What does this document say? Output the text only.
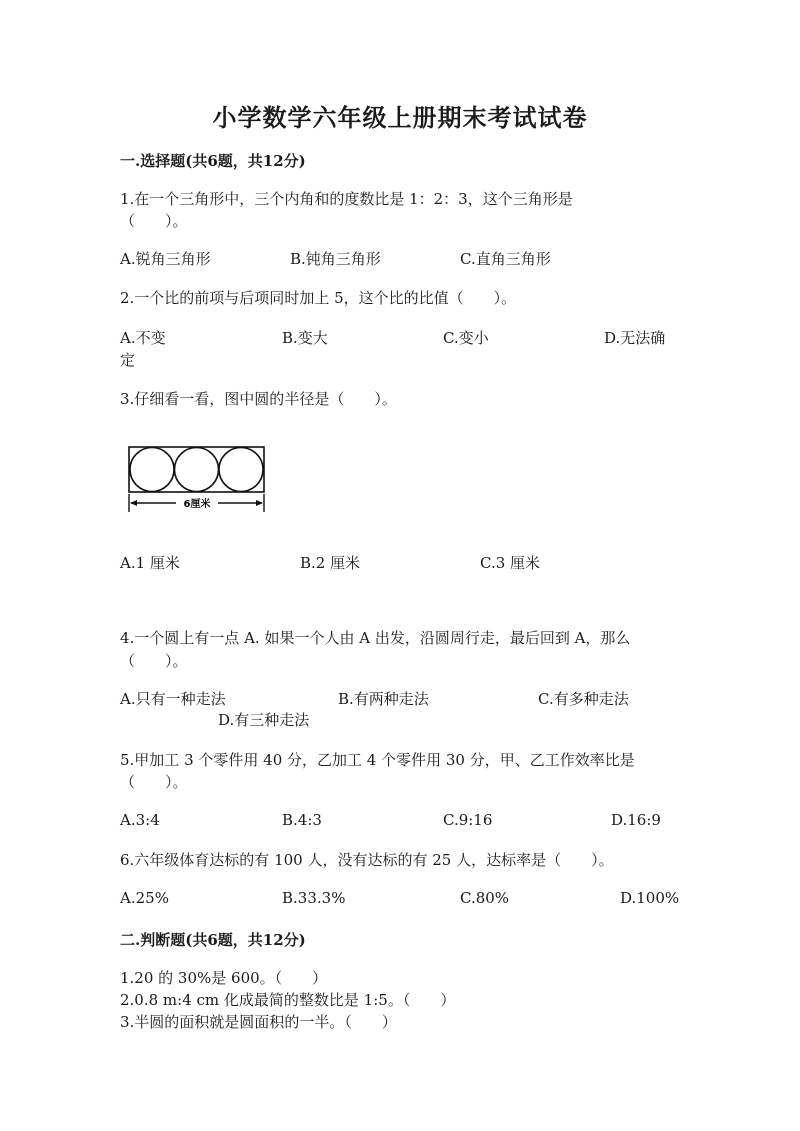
小学数学六年级上册期末考试试卷
一.选择题(共6题，共12分)
1.在一个三角形中，三个内角和的度数比是 1：2：3，这个三角形是
（　　）。
A.锐角三角形	B.钝角三角形	C.直角三角形
2.一个比的前项与后项同时加上 5，这个比的比值（　　）。
A.不变	B.变大	C.变小	D.无法确
定
3.仔细看一看，图中圆的半径是（　　）。
6厘米
A.1 厘米	B.2 厘米	C.3 厘米
4.一个圆上有一点 A. 如果一个人由 A 出发，沿圆周行走，最后回到 A，那么
（　　）。
A.只有一种走法	B.有两种走法	C.有多种走法
D.有三种走法
5.甲加工 3 个零件用 40 分，乙加工 4 个零件用 30 分，甲、乙工作效率比是
（　　）。
A.3:4	B.4:3	C.9:16	D.16:9
6.六年级体育达标的有 100 人，没有达标的有 25 人，达标率是（　　）。
A.25%	B.33.3%	C.80%	D.100%
二.判断题(共6题，共12分)
1.20 的 30%是 600。（　　）
2.0.8 m:4 cm 化成最简的整数比是 1:5。（　　）
3.半圆的面积就是圆面积的一半。（　　）
